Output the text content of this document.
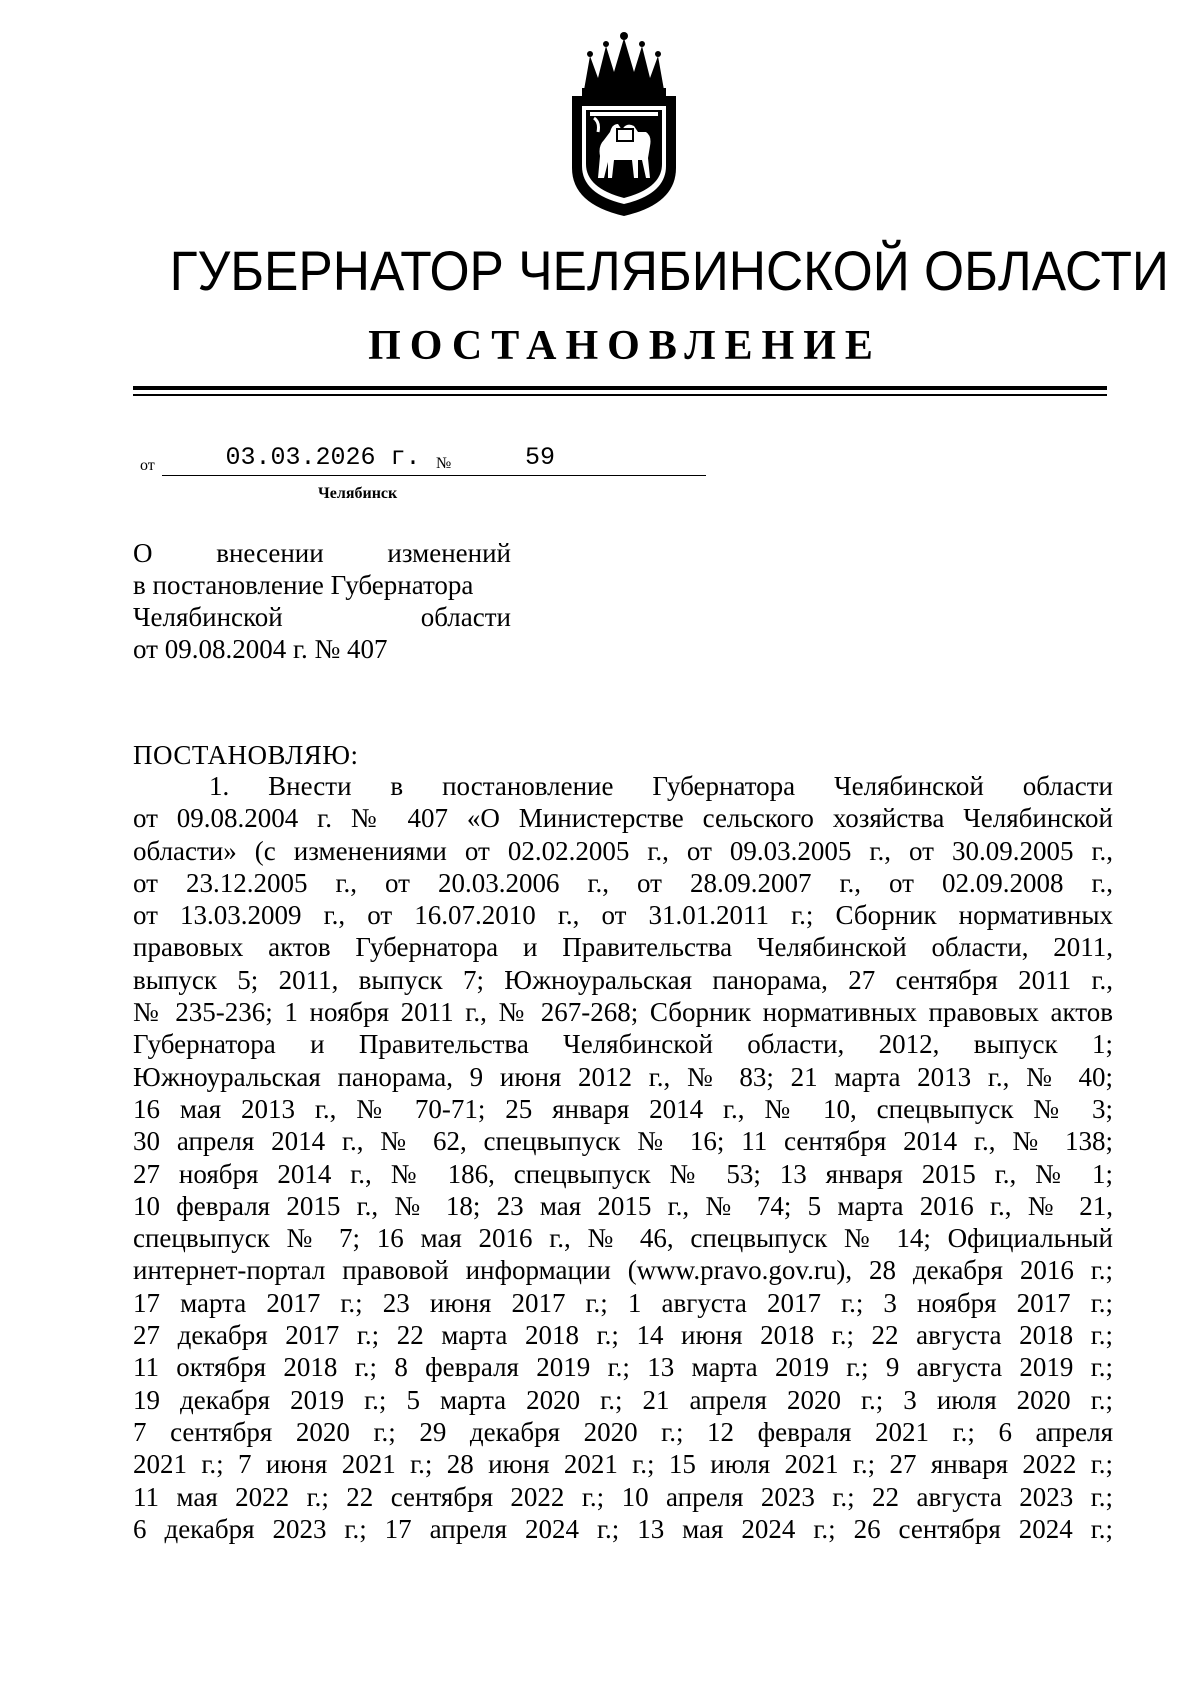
ГУБЕРНАТОР ЧЕЛЯБИНСКОЙ ОБЛАСТИ
ПОСТАНОВЛЕНИЕ
от	03.03.2026 г. №	59
Челябинск
О внесении изменений
в постановление Губернатора
Челябинской области
от 09.08.2004 г. № 407
ПОСТАНОВЛЯЮ:
1. Внести в постановление Губернатора Челябинской области
от 09.08.2004 г. № 407 «О Министерстве сельского хозяйства Челябинской
области» (с изменениями от 02.02.2005 г., от 09.03.2005 г., от 30.09.2005 г.,
от 23.12.2005 г., от 20.03.2006 г., от 28.09.2007 г., от 02.09.2008 г.,
от 13.03.2009 г., от 16.07.2010 г., от 31.01.2011 г.; Сборник нормативных
правовых актов Губернатора и Правительства Челябинской области, 2011,
выпуск 5; 2011, выпуск 7; Южноуральская панорама, 27 сентября 2011 г.,
№ 235-236; 1 ноября 2011 г., № 267-268; Сборник нормативных правовых актов
Губернатора и Правительства Челябинской области, 2012, выпуск 1;
Южноуральская панорама, 9 июня 2012 г., № 83; 21 марта 2013 г., № 40;
16 мая 2013 г., № 70-71; 25 января 2014 г., № 10, спецвыпуск № 3;
30 апреля 2014 г., № 62, спецвыпуск № 16; 11 сентября 2014 г., № 138;
27 ноября 2014 г., № 186, спецвыпуск № 53; 13 января 2015 г., № 1;
10 февраля 2015 г., № 18; 23 мая 2015 г., № 74; 5 марта 2016 г., № 21,
спецвыпуск № 7; 16 мая 2016 г., № 46, спецвыпуск № 14; Официальный
интернет-портал правовой информации (www.pravo.gov.ru), 28 декабря 2016 г.;
17 марта 2017 г.; 23 июня 2017 г.; 1 августа 2017 г.; 3 ноября 2017 г.;
27 декабря 2017 г.; 22 марта 2018 г.; 14 июня 2018 г.; 22 августа 2018 г.;
11 октября 2018 г.; 8 февраля 2019 г.; 13 марта 2019 г.; 9 августа 2019 г.;
19 декабря 2019 г.; 5 марта 2020 г.; 21 апреля 2020 г.; 3 июля 2020 г.;
7 сентября 2020 г.; 29 декабря 2020 г.; 12 февраля 2021 г.; 6 апреля
2021 г.; 7 июня 2021 г.; 28 июня 2021 г.; 15 июля 2021 г.; 27 января 2022 г.;
11 мая 2022 г.; 22 сентября 2022 г.; 10 апреля 2023 г.; 22 августа 2023 г.;
6 декабря 2023 г.; 17 апреля 2024 г.; 13 мая 2024 г.; 26 сентября 2024 г.;
